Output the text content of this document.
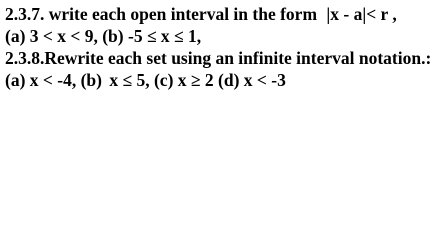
2.3.7. write each open interval in the form |x - a|< r ,
(a) 3 < x < 9, (b) -5 ≤ x ≤ 1,
2.3.8.Rewrite each set using an infinite interval notation.:
(a) x < -4, (b) x ≤ 5, (c) x ≥ 2 (d) x < -3
